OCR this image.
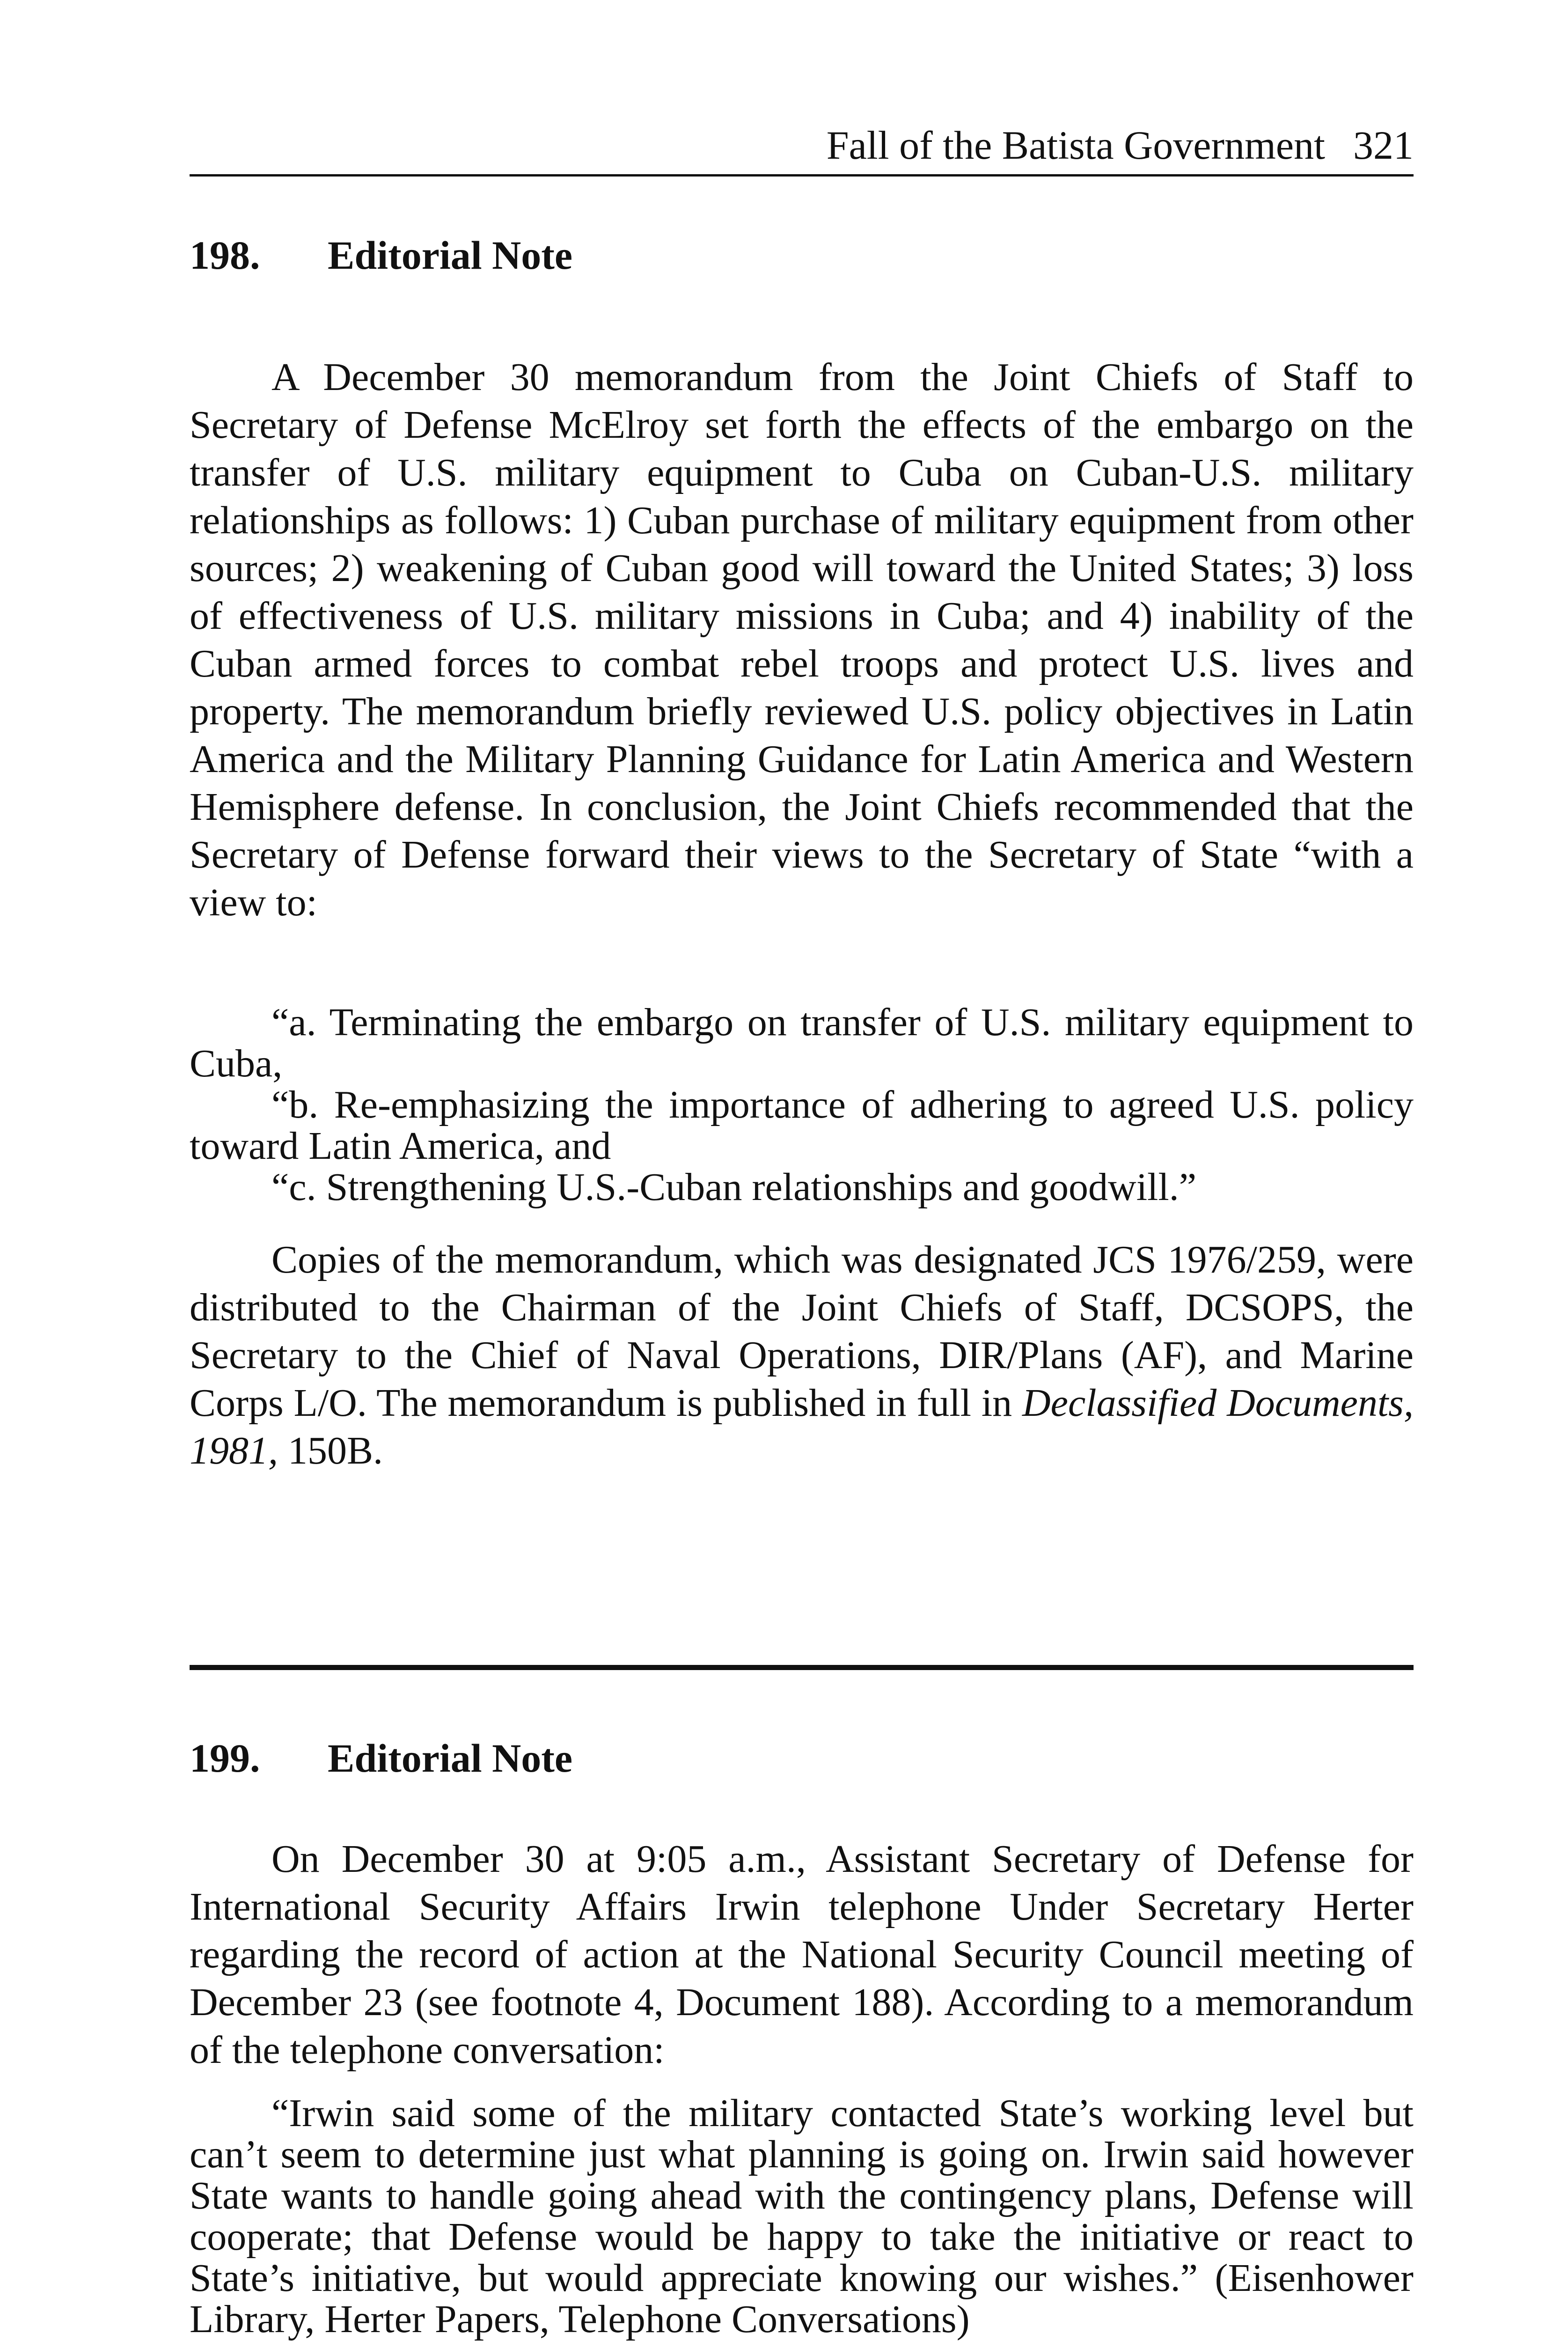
Fall of the Batista Government 321
198. Editorial Note

A December 30 memorandum from the Joint Chiefs of Staff to Secretary of Defense McElroy set forth the effects of the embargo on the transfer of U.S. military equipment to Cuba on Cuban-U.S. military relationships as follows: 1) Cuban purchase of military equipment from other sources; 2) weakening of Cuban good will toward the United States; 3) loss of effectiveness of U.S. military missions in Cuba; and 4) inability of the Cuban armed forces to combat rebel troops and protect U.S. lives and property. The memorandum briefly reviewed U.S. policy objectives in Latin America and the Military Planning Guidance for Latin America and Western Hemisphere defense. In conclusion, the Joint Chiefs recommended that the Secretary of Defense forward their views to the Secretary of State “with a view to:

“a. Terminating the embargo on transfer of U.S. military equipment to Cuba,
“b. Re-emphasizing the importance of adhering to agreed U.S. policy toward Latin America, and
“c. Strengthening U.S.-Cuban relationships and goodwill.”

Copies of the memorandum, which was designated JCS 1976/259, were distributed to the Chairman of the Joint Chiefs of Staff, DCSOPS, the Secretary to the Chief of Naval Operations, DIR/Plans (AF), and Marine Corps L/O. The memorandum is published in full in Declassified Documents, 1981, 150B.

199. Editorial Note

On December 30 at 9:05 a.m., Assistant Secretary of Defense for International Security Affairs Irwin telephone Under Secretary Herter regarding the record of action at the National Security Council meeting of December 23 (see footnote 4, Document 188). According to a memorandum of the telephone conversation:

“Irwin said some of the military contacted State’s working level but can’t seem to determine just what planning is going on. Irwin said however State wants to handle going ahead with the contingency plans, Defense will cooperate; that Defense would be happy to take the initiative or react to State’s initiative, but would appreciate knowing our wishes.” (Eisenhower Library, Herter Papers, Telephone Conversations)
